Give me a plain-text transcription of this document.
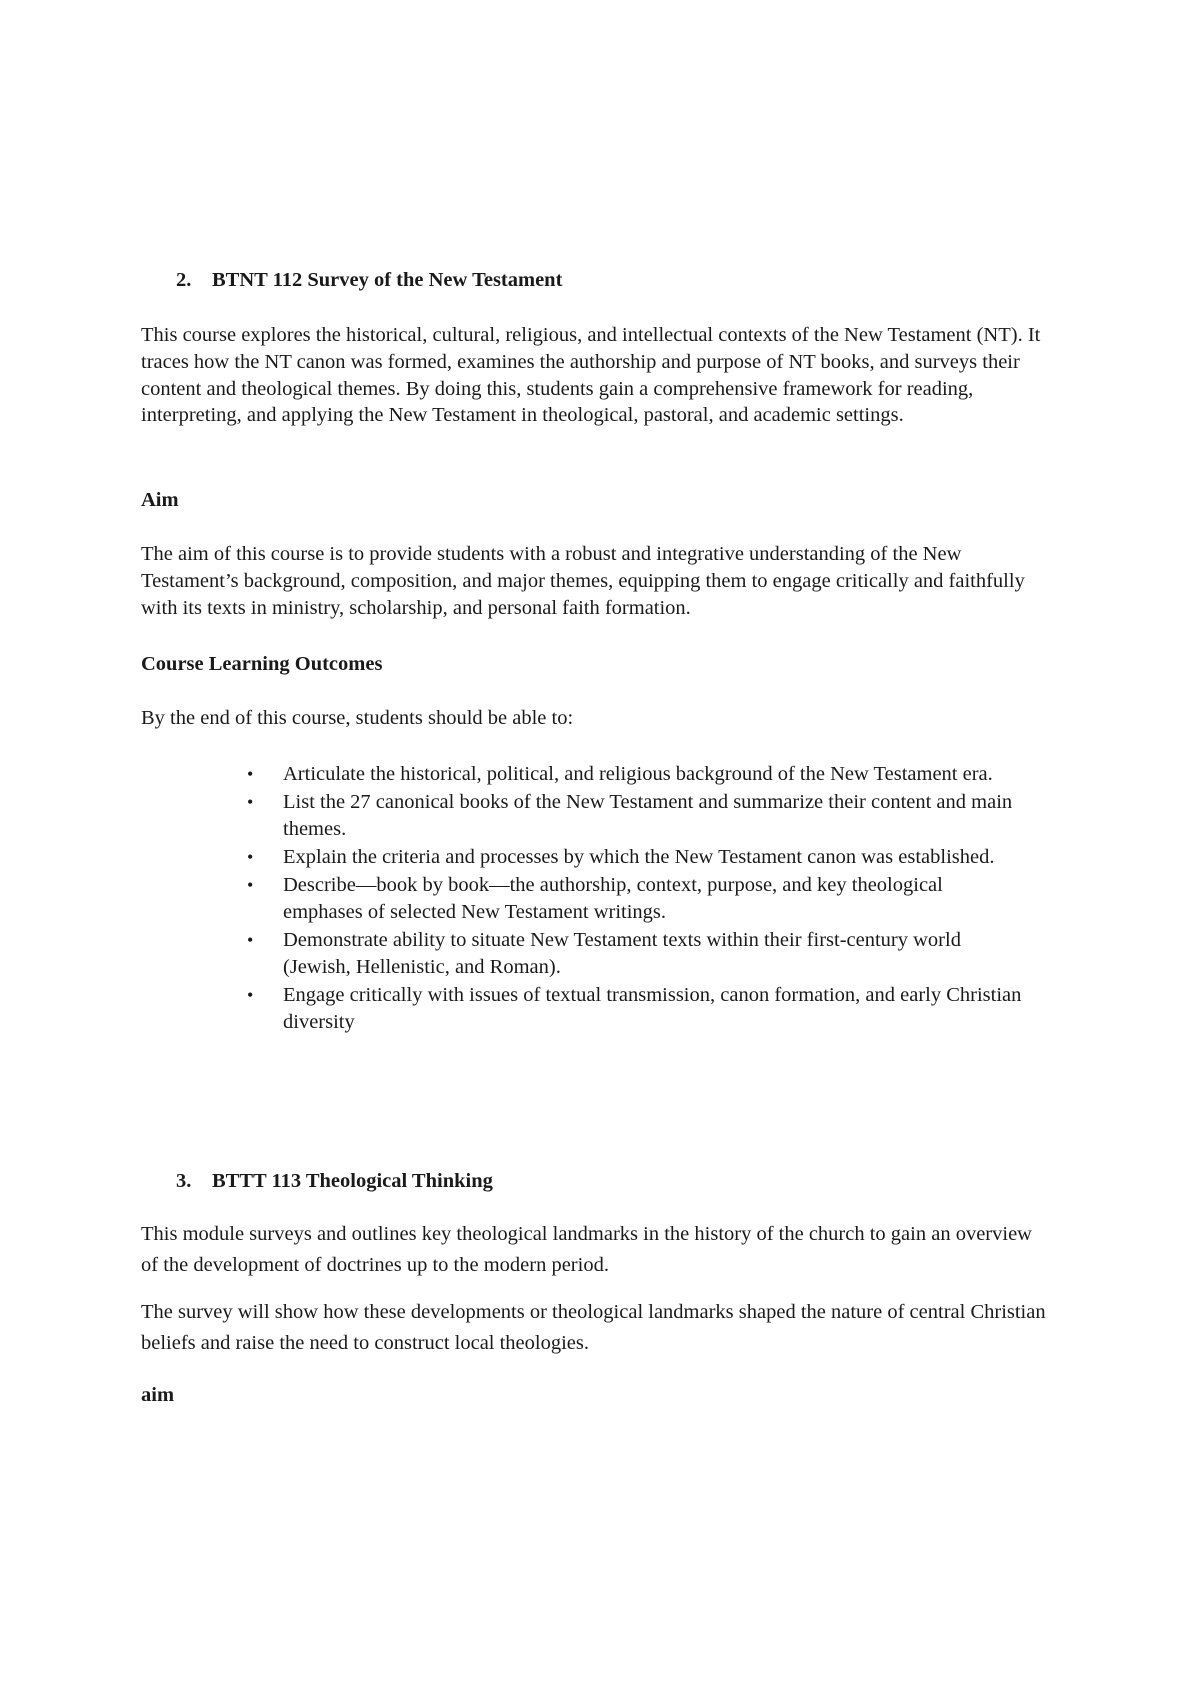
2. BTNT 112 Survey of the New Testament

This course explores the historical, cultural, religious, and intellectual contexts of the New Testament (NT). It traces how the NT canon was formed, examines the authorship and purpose of NT books, and surveys their content and theological themes. By doing this, students gain a comprehensive framework for reading, interpreting, and applying the New Testament in theological, pastoral, and academic settings.

Aim

The aim of this course is to provide students with a robust and integrative understanding of the New Testament’s background, composition, and major themes, equipping them to engage critically and faithfully with its texts in ministry, scholarship, and personal faith formation.

Course Learning Outcomes

By the end of this course, students should be able to:

•	Articulate the historical, political, and religious background of the New Testament era.
•	List the 27 canonical books of the New Testament and summarize their content and main themes.
•	Explain the criteria and processes by which the New Testament canon was established.
•	Describe—book by book—the authorship, context, purpose, and key theological emphases of selected New Testament writings.
•	Demonstrate ability to situate New Testament texts within their first-century world (Jewish, Hellenistic, and Roman).
•	Engage critically with issues of textual transmission, canon formation, and early Christian diversity
3. BTTT 113 Theological Thinking

This module surveys and outlines key theological landmarks in the history of the church to gain an overview of the development of doctrines up to the modern period.

The survey will show how these developments or theological landmarks shaped the nature of central Christian beliefs and raise the need to construct local theologies.

aim
